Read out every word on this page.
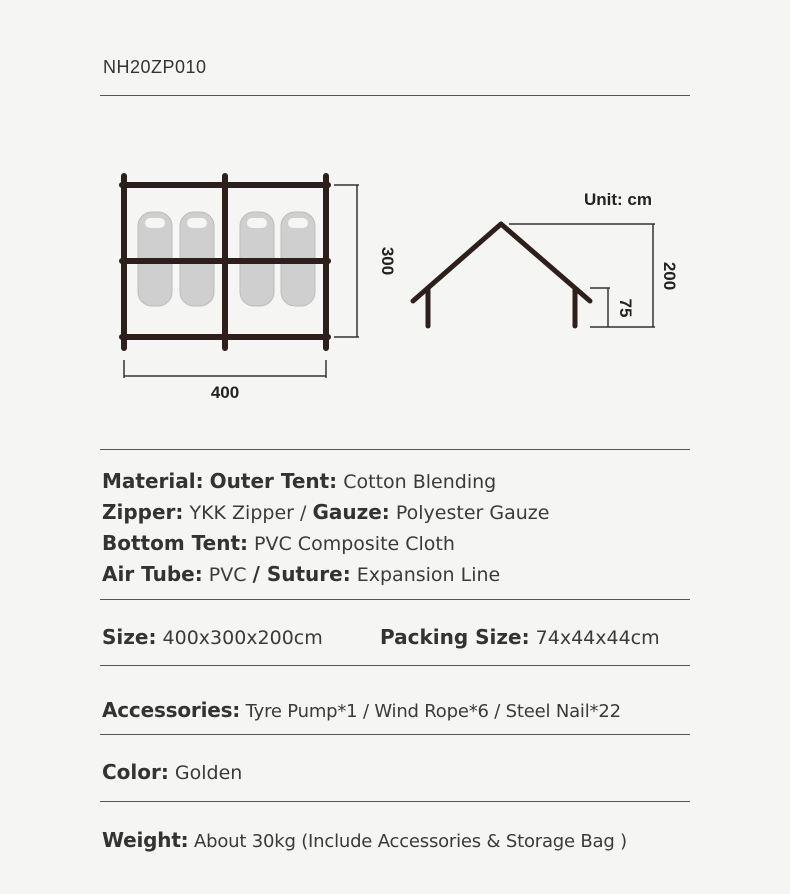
NH20ZP010
300
400
200
75
Unit: cm
Material: Outer Tent: Cotton Blending
Zipper: YKK Zipper / Gauze: Polyester Gauze
Bottom Tent: PVC Composite Cloth
Air Tube: PVC / Suture: Expansion Line
Size: 400x300x200cm	Packing Size: 74x44x44cm
Accessories: Tyre Pump*1 / Wind Rope*6 / Steel Nail*22
Color: Golden
Weight: About 30kg (Include Accessories & Storage Bag )
